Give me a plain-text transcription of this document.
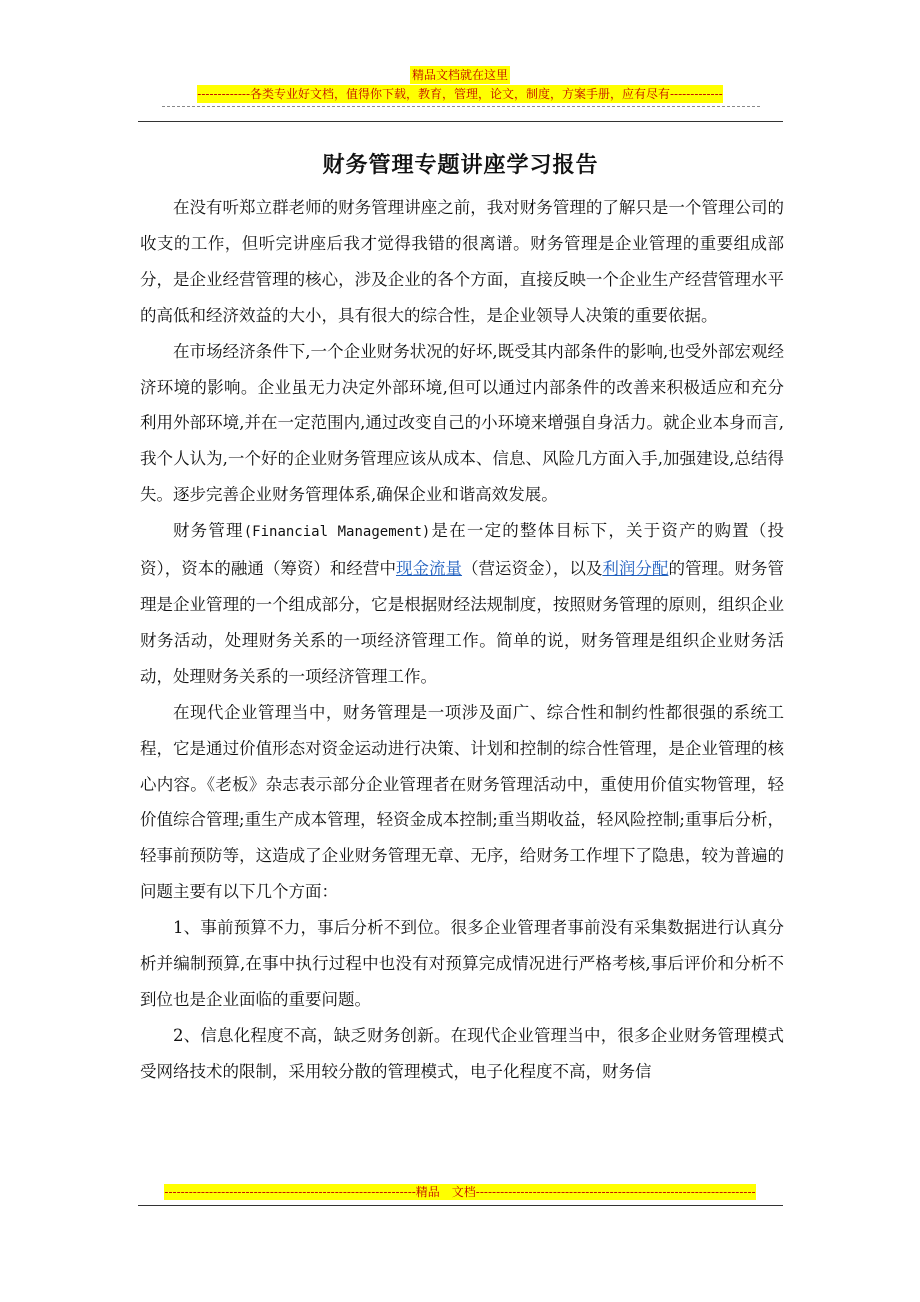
精品文档就在这里
-------------各类专业好文档，值得你下载，教育，管理，论文，制度，方案手册，应有尽有-------------
财务管理专题讲座学习报告

在没有听郑立群老师的财务管理讲座之前，我对财务管理的了解只是一个管理公司的收支的工作，但听完讲座后我才觉得我错的很离谱。财务管理是企业管理的重要组成部分，是企业经营管理的核心，涉及企业的各个方面，直接反映一个企业生产经营管理水平的高低和经济效益的大小，具有很大的综合性，是企业领导人决策的重要依据。

在市场经济条件下,一个企业财务状况的好坏,既受其内部条件的影响,也受外部宏观经济环境的影响。企业虽无力决定外部环境,但可以通过内部条件的改善来积极适应和充分利用外部环境,并在一定范围内,通过改变自己的小环境来增强自身活力。就企业本身而言,我个人认为,一个好的企业财务管理应该从成本、信息、风险几方面入手,加强建设,总结得失。逐步完善企业财务管理体系,确保企业和谐高效发展。

财务管理(Financial Management)是在一定的整体目标下，关于资产的购置（投资），资本的融通（筹资）和经营中现金流量（营运资金），以及利润分配的管理。财务管理是企业管理的一个组成部分，它是根据财经法规制度，按照财务管理的原则，组织企业财务活动，处理财务关系的一项经济管理工作。简单的说，财务管理是组织企业财务活动，处理财务关系的一项经济管理工作。

在现代企业管理当中，财务管理是一项涉及面广、综合性和制约性都很强的系统工程，它是通过价值形态对资金运动进行决策、计划和控制的综合性管理，是企业管理的核心内容。《老板》杂志表示部分企业管理者在财务管理活动中，重使用价值实物管理，轻价值综合管理;重生产成本管理，轻资金成本控制;重当期收益，轻风险控制;重事后分析，轻事前预防等，这造成了企业财务管理无章、无序，给财务工作埋下了隐患，较为普遍的问题主要有以下几个方面：

1、事前预算不力，事后分析不到位。很多企业管理者事前没有采集数据进行认真分析并编制预算,在事中执行过程中也没有对预算完成情况进行严格考核,事后评价和分析不到位也是企业面临的重要问题。

2、信息化程度不高，缺乏财务创新。在现代企业管理当中，很多企业财务管理模式受网络技术的限制，采用较分散的管理模式，电子化程度不高，财务信

--------------------------------------------------------------精品　文档---------------------------------------------------------------------
